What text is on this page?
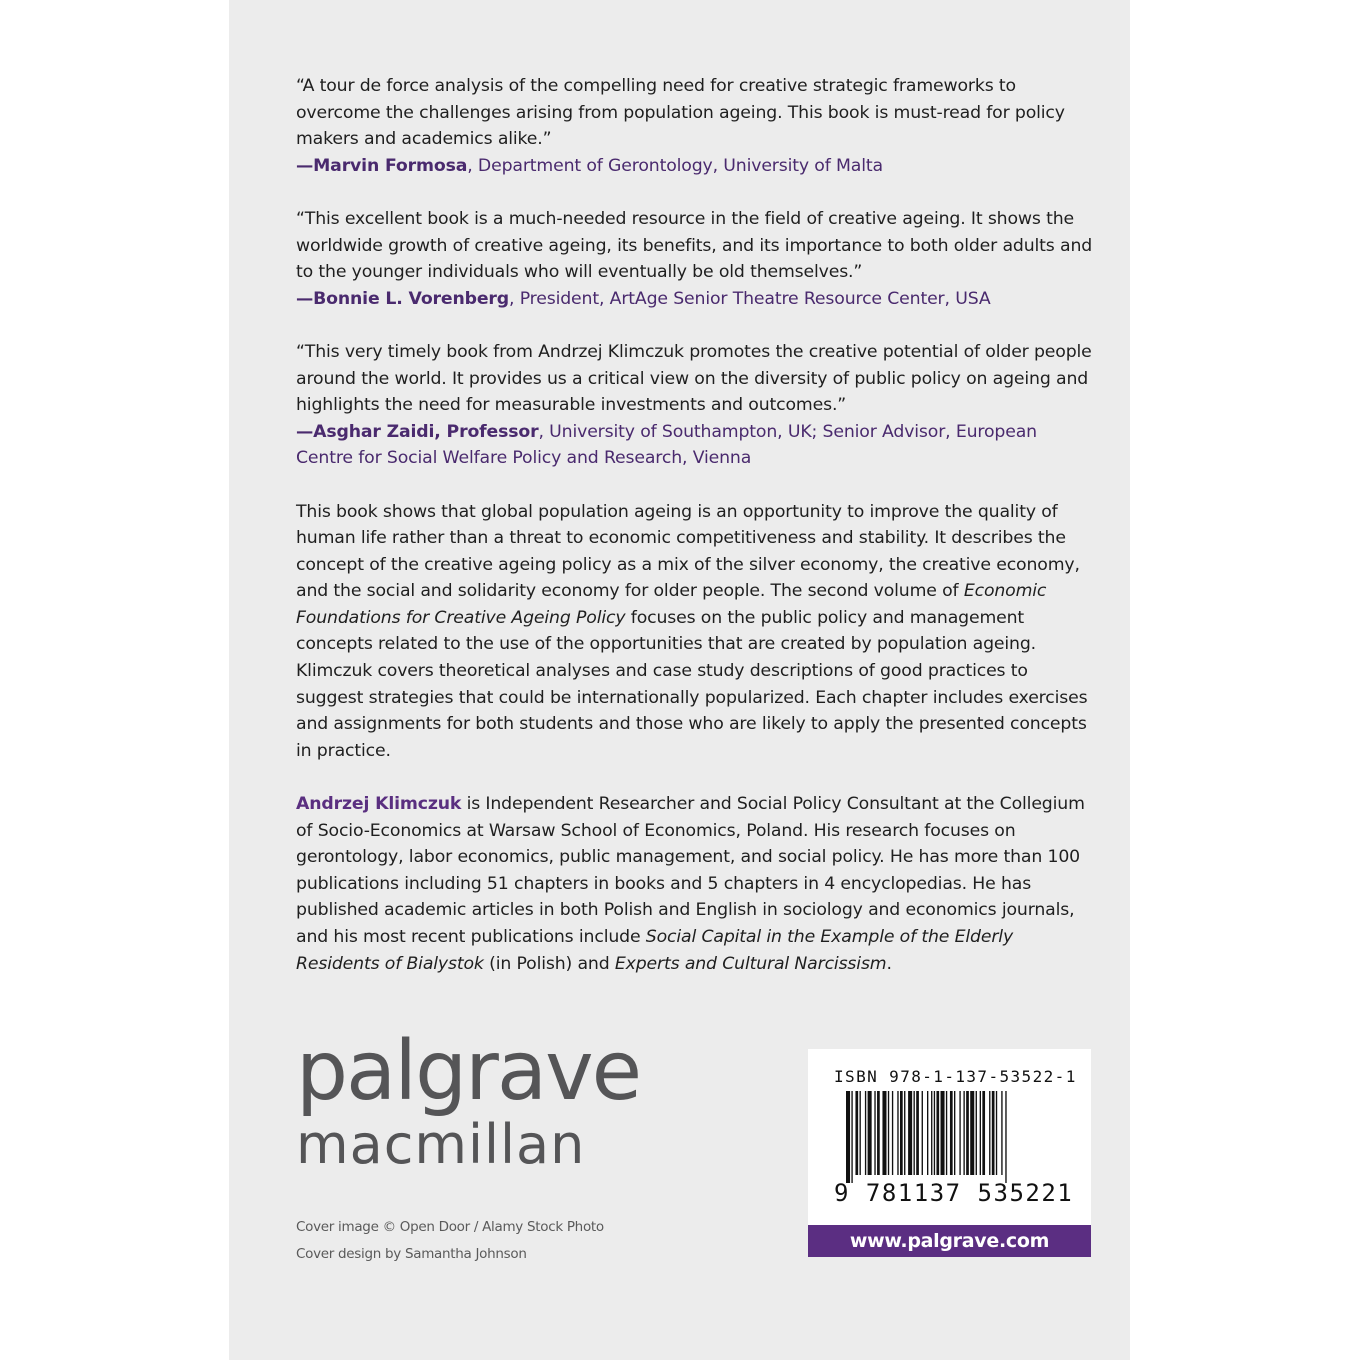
“A tour de force analysis of the compelling need for creative strategic frameworks to overcome the challenges arising from population ageing. This book is must-read for policy makers and academics alike.”

—Marvin Formosa, Department of Gerontology, University of Malta

“This excellent book is a much-needed resource in the field of creative ageing. It shows the worldwide growth of creative ageing, its benefits, and its importance to both older adults and to the younger individuals who will eventually be old themselves.”

—Bonnie L. Vorenberg, President, ArtAge Senior Theatre Resource Center, USA

“This very timely book from Andrzej Klimczuk promotes the creative potential of older people around the world. It provides us a critical view on the diversity of public policy on ageing and highlights the need for measurable investments and outcomes.”

—Asghar Zaidi, Professor, University of Southampton, UK; Senior Advisor, European Centre for Social Welfare Policy and Research, Vienna

This book shows that global population ageing is an opportunity to improve the quality of human life rather than a threat to economic competitiveness and stability. It describes the concept of the creative ageing policy as a mix of the silver economy, the creative economy, and the social and solidarity economy for older people. The second volume of Economic Foundations for Creative Ageing Policy focuses on the public policy and management concepts related to the use of the opportunities that are created by population ageing. Klimczuk covers theoretical analyses and case study descriptions of good practices to suggest strategies that could be internationally popularized. Each chapter includes exercises and assignments for both students and those who are likely to apply the presented concepts in practice.

Andrzej Klimczuk is Independent Researcher and Social Policy Consultant at the Collegium of Socio-Economics at Warsaw School of Economics, Poland. His research focuses on gerontology, labor economics, public management, and social policy. He has more than 100 publications including 51 chapters in books and 5 chapters in 4 encyclopedias. He has published academic articles in both Polish and English in sociology and economics journals, and his most recent publications include Social Capital in the Example of the Elderly Residents of Bialystok (in Polish) and Experts and Cultural Narcissism.

palgrave
macmillan
Cover image © Open Door / Alamy Stock Photo
Cover design by Samantha Johnson
ISBN 978-1-137-53522-1
9 781137 535221
www.palgrave.com
